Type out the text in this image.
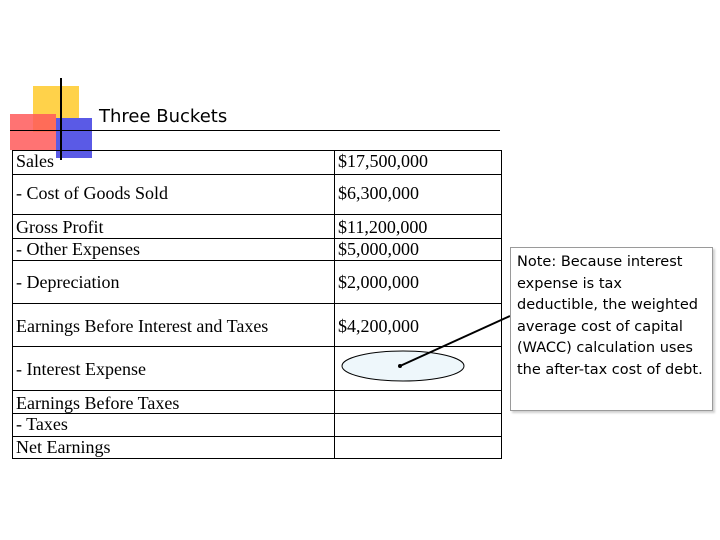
Three Buckets
Sales	$17,500,000
- Cost of Goods Sold	$6,300,000
Gross Profit	$11,200,000
- Other Expenses	$5,000,000
- Depreciation	$2,000,000
Earnings Before Interest and Taxes	$4,200,000
- Interest Expense	
Earnings Before Taxes	
- Taxes	
Net Earnings	
Note: Because interest expense is tax deductible, the weighted average cost of capital (WACC) calculation uses the after-tax cost of debt.
